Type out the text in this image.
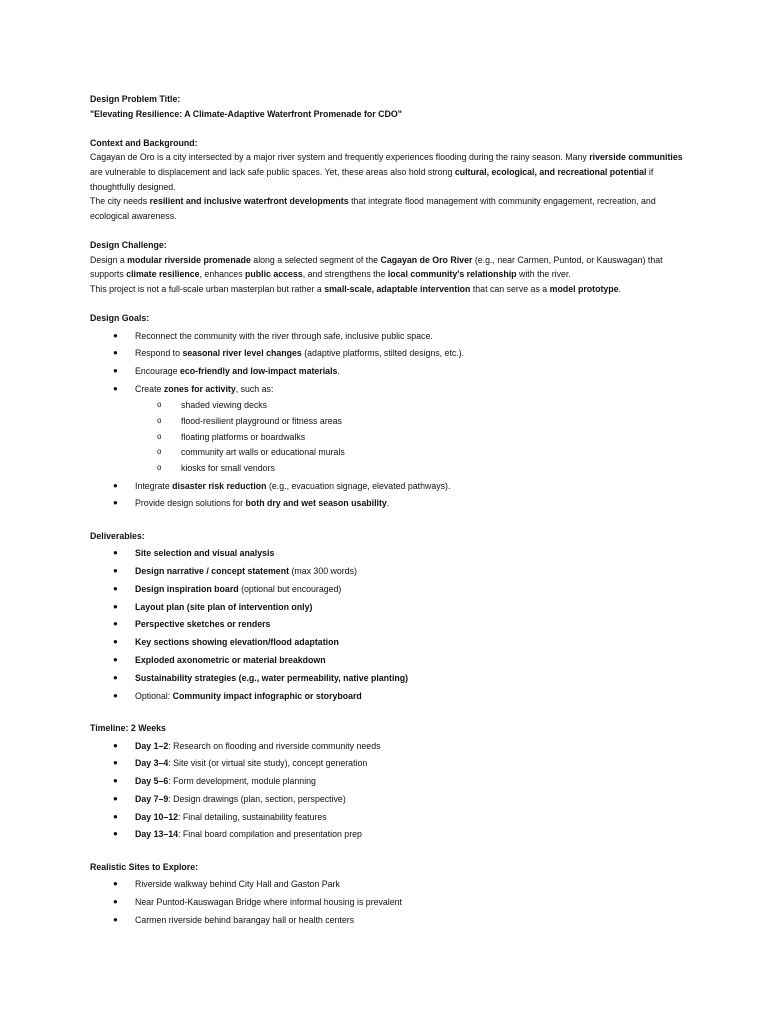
Design Problem Title:

"Elevating Resilience: A Climate-Adaptive Waterfront Promenade for CDO"

Context and Background:

Cagayan de Oro is a city intersected by a major river system and frequently experiences flooding during the rainy season. Many riverside communities are vulnerable to displacement and lack safe public spaces. Yet, these areas also hold strong cultural, ecological, and recreational potential if thoughtfully designed.

The city needs resilient and inclusive waterfront developments that integrate flood management with community engagement, recreation, and ecological awareness.

Design Challenge:

Design a modular riverside promenade along a selected segment of the Cagayan de Oro River (e.g., near Carmen, Puntod, or Kauswagan) that supports climate resilience, enhances public access, and strengthens the local community's relationship with the river.

This project is not a full-scale urban masterplan but rather a small-scale, adaptable intervention that can serve as a model prototype.

Design Goals:

● Reconnect the community with the river through safe, inclusive public space.
● Respond to seasonal river level changes (adaptive platforms, stilted designs, etc.).
● Encourage eco-friendly and low-impact materials.
● Create zones for activity, such as:
o shaded viewing decks
o flood-resilient playground or fitness areas
o floating platforms or boardwalks
o community art walls or educational murals
o kiosks for small vendors
● Integrate disaster risk reduction (e.g., evacuation signage, elevated pathways).
● Provide design solutions for both dry and wet season usability.

Deliverables:

● Site selection and visual analysis
● Design narrative / concept statement (max 300 words)
● Design inspiration board (optional but encouraged)
● Layout plan (site plan of intervention only)
● Perspective sketches or renders
● Key sections showing elevation/flood adaptation
● Exploded axonometric or material breakdown
● Sustainability strategies (e.g., water permeability, native planting)
● Optional: Community impact infographic or storyboard

Timeline: 2 Weeks

● Day 1–2: Research on flooding and riverside community needs
● Day 3–4: Site visit (or virtual site study), concept generation
● Day 5–6: Form development, module planning
● Day 7–9: Design drawings (plan, section, perspective)
● Day 10–12: Final detailing, sustainability features
● Day 13–14: Final board compilation and presentation prep

Realistic Sites to Explore:

● Riverside walkway behind City Hall and Gaston Park
● Near Puntod-Kauswagan Bridge where informal housing is prevalent
● Carmen riverside behind barangay hall or health centers
